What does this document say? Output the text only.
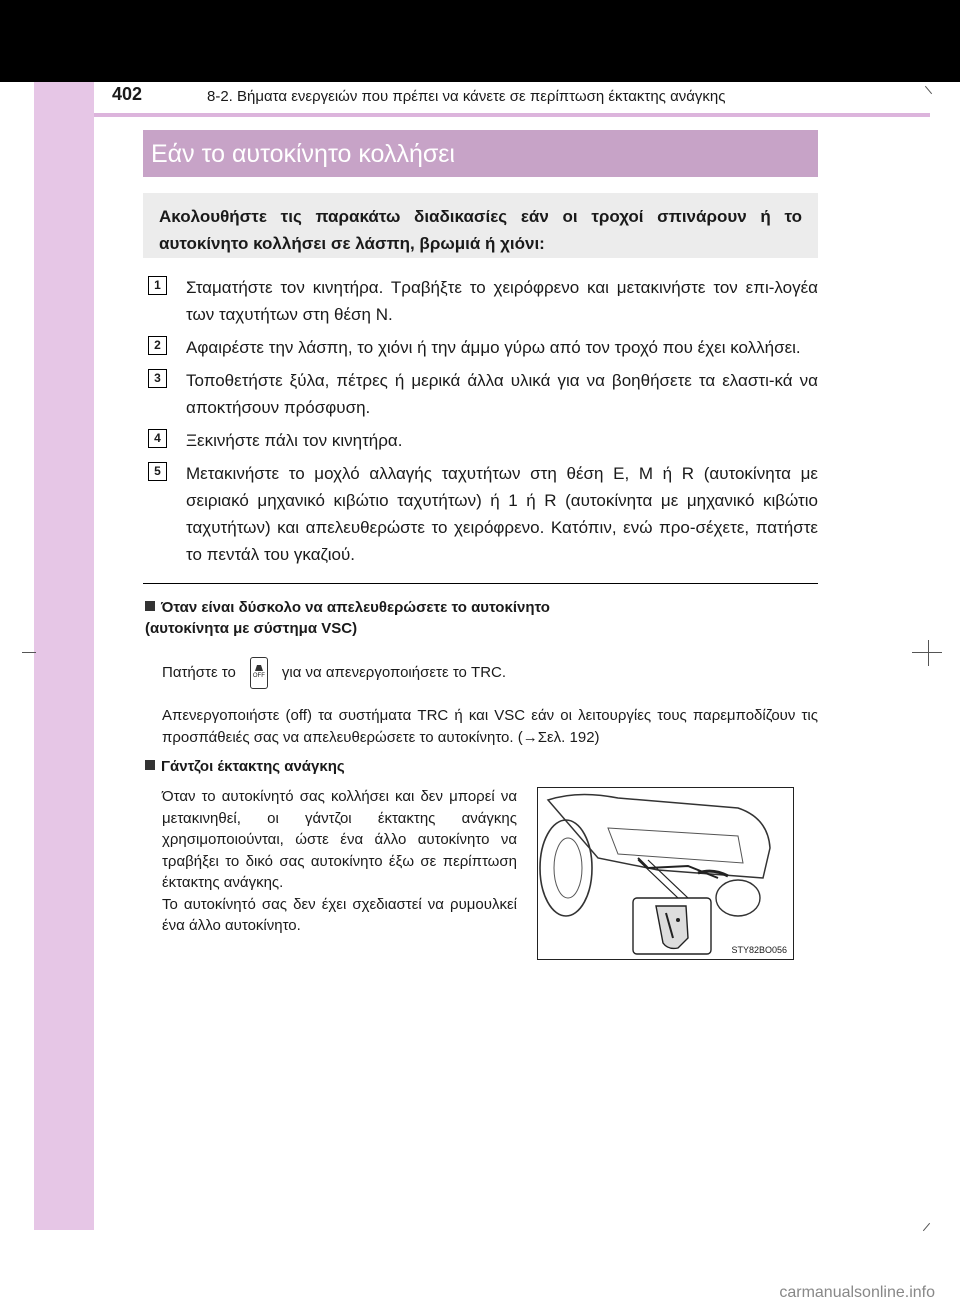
402	8-2. Βήματα ενεργειών που πρέπει να κάνετε σε περίπτωση έκτακτης ανάγκης
Εάν το αυτοκίνητο κολλήσει
Ακολουθήστε τις παρακάτω διαδικασίες εάν οι τροχοί σπινάρουν ή το αυτοκίνητο κολλήσει σε λάσπη, βρωμιά ή χιόνι:
1	Σταματήστε τον κινητήρα. Τραβήξτε το χειρόφρενο και μετακινήστε τον επι-λογέα των ταχυτήτων στη θέση N.
2	Αφαιρέστε την λάσπη, το χιόνι ή την άμμο γύρω από τον τροχό που έχει κολλήσει.
3	Τοποθετήστε ξύλα, πέτρες ή μερικά άλλα υλικά για να βοηθήσετε τα ελαστι-κά να αποκτήσουν πρόσφυση.
4	Ξεκινήστε πάλι τον κινητήρα.
5	Μετακινήστε το μοχλό αλλαγής ταχυτήτων στη θέση E, M ή R (αυτοκίνητα με σειριακό μηχανικό κιβώτιο ταχυτήτων) ή 1 ή R (αυτοκίνητα με μηχανικό κιβώτιο ταχυτήτων) και απελευθερώστε το χειρόφρενο. Κατόπιν, ενώ προ-σέχετε, πατήστε το πεντάλ του γκαζιού.
Όταν είναι δύσκολο να απελευθερώσετε το αυτοκίνητο
(αυτοκίνητα με σύστημα VSC)
Πατήστε το	OFF για να απενεργοποιήσετε το TRC.
Απενεργοποιήστε (off) τα συστήματα TRC ή και VSC εάν οι λειτουργίες τους παρεμποδίζουν τις προσπάθειές σας να απελευθερώσετε το αυτοκίνητο. (→Σελ. 192)
Γάντζοι έκτακτης ανάγκης
Όταν το αυτοκίνητό σας κολλήσει και δεν μπορεί να μετακινηθεί, οι γάντζοι έκτακτης ανάγκης χρησιμοποιούνται, ώστε ένα άλλο αυτοκίνητο να τραβήξει το δικό σας αυτοκίνητο έξω σε περίπτωση έκτακτης ανάγκης.
Το αυτοκίνητό σας δεν έχει σχεδιαστεί να ρυμουλκεί ένα άλλο αυτοκίνητο.
STY82BO056
carmanualsonline.info
